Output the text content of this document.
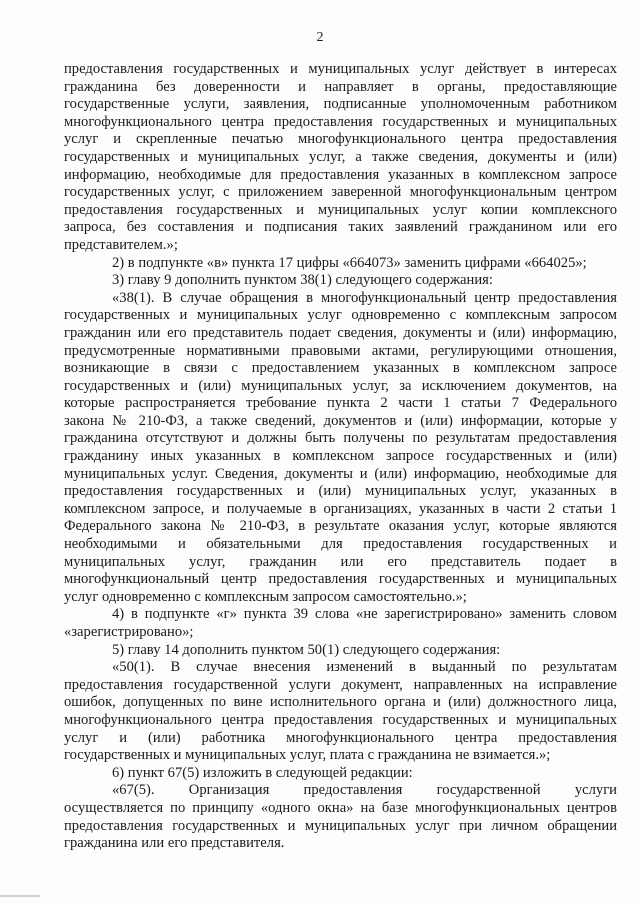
2
предоставления государственных и муниципальных услуг действует в интересах
гражданина без доверенности и направляет в органы, предоставляющие
государственные услуги, заявления, подписанные уполномоченным работником
многофункционального центра предоставления государственных и муниципальных
услуг и скрепленные печатью многофункционального центра предоставления
государственных и муниципальных услуг, а также сведения, документы и (или)
информацию, необходимые для предоставления указанных в комплексном запросе
государственных услуг, с приложением заверенной многофункциональным центром
предоставления государственных и муниципальных услуг копии комплексного
запроса, без составления и подписания таких заявлений гражданином или его
представителем.»;
2) в подпункте «в» пункта 17 цифры «664073» заменить цифрами «664025»;
3) главу 9 дополнить пунктом 38(1) следующего содержания:
«38(1). В случае обращения в многофункциональный центр предоставления
государственных и муниципальных услуг одновременно с комплексным запросом
гражданин или его представитель подает сведения, документы и (или) информацию,
предусмотренные нормативными правовыми актами, регулирующими отношения,
возникающие в связи с предоставлением указанных в комплексном запросе
государственных и (или) муниципальных услуг, за исключением документов, на
которые распространяется требование пункта 2 части 1 статьи 7 Федерального
закона № 210-ФЗ, а также сведений, документов и (или) информации, которые у
гражданина отсутствуют и должны быть получены по результатам предоставления
гражданину иных указанных в комплексном запросе государственных и (или)
муниципальных услуг. Сведения, документы и (или) информацию, необходимые для
предоставления государственных и (или) муниципальных услуг, указанных в
комплексном запросе, и получаемые в организациях, указанных в части 2 статьи 1
Федерального закона № 210-ФЗ, в результате оказания услуг, которые являются
необходимыми и обязательными для предоставления государственных и
муниципальных услуг, гражданин или его представитель подает в
многофункциональный центр предоставления государственных и муниципальных
услуг одновременно с комплексным запросом самостоятельно.»;
4) в подпункте «г» пункта 39 слова «не зарегистрировано» заменить словом
«зарегистрировано»;
5) главу 14 дополнить пунктом 50(1) следующего содержания:
«50(1). В случае внесения изменений в выданный по результатам
предоставления государственной услуги документ, направленных на исправление
ошибок, допущенных по вине исполнительного органа и (или) должностного лица,
многофункционального центра предоставления государственных и муниципальных
услуг и (или) работника многофункционального центра предоставления
государственных и муниципальных услуг, плата с гражданина не взимается.»;
6) пункт 67(5) изложить в следующей редакции:
«67(5). Организация предоставления государственной услуги
осуществляется по принципу «одного окна» на базе многофункциональных центров
предоставления государственных и муниципальных услуг при личном обращении
гражданина или его представителя.
